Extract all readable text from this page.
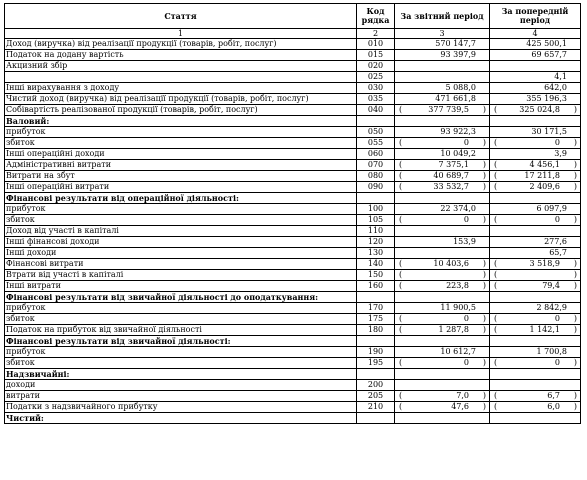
Стаття	Код рядка	За звітний період	За попередній період
1	2	3	4
Доход (виручка) від реалізації продукції (товарів, робіт, послуг)	010	570 147,7	425 500,1

Податок на додану вартість	015	93 397,9	69 657,7

Акцизний збір	020	

	025		4,1

Інші вирахування з доходу	030	5 088,0	642,0

Чистий доход (виручка) від реалізації продукції (товарів, робіт, послуг)	035	471 661,8	355 196,3

Собівартість реалізованої продукції (товарів, робіт, послуг)	040	( 377 739,5 )	( 325 024,8 )

Валовий:		

прибуток	050	93 922,3	30 171,5

збиток	055	( 0 )	( 0 )

Інші операційні доходи	060	10 049,2	3,9

Адміністративні витрати	070	( 7 375,1 )	( 4 456,1 )

Витрати на збут	080	( 40 689,7 )	( 17 211,8 )

Інші операційні витрати	090	( 33 532,7 )	( 2 409,6 )

Фінансові результати від операційної діяльності:		

прибуток	100	22 374,0	6 097,9

збиток	105	( 0 )	( 0 )

Доход від участі в капіталі	110	

Інші фінансові доходи	120	153,9	277,6

Інші доходи	130		65,7

Фінансові витрати	140	( 10 403,6 )	( 3 518,9 )

Втрати від участі в капіталі	150	( )	( )

Інші витрати	160	( 223,8 )	( 79,4 )

Фінансові результати від звичайної діяльності до оподаткування:		

прибуток	170	11 900,5	2 842,9

збиток	175	( 0 )	( 0 )

Податок на прибуток від звичайної діяльності	180	( 1 287,8 )	( 1 142,1 )

Фінансові результати від звичайної діяльності:		

прибуток	190	10 612,7	1 700,8

збиток	195	( 0 )	( 0 )

Надзвичайні:		

доходи	200	

витрати	205	( 7,0 )	( 6,7 )

Податки з надзвичайного прибутку	210	( 47,6 )	( 6,0 )

Чистий:		
